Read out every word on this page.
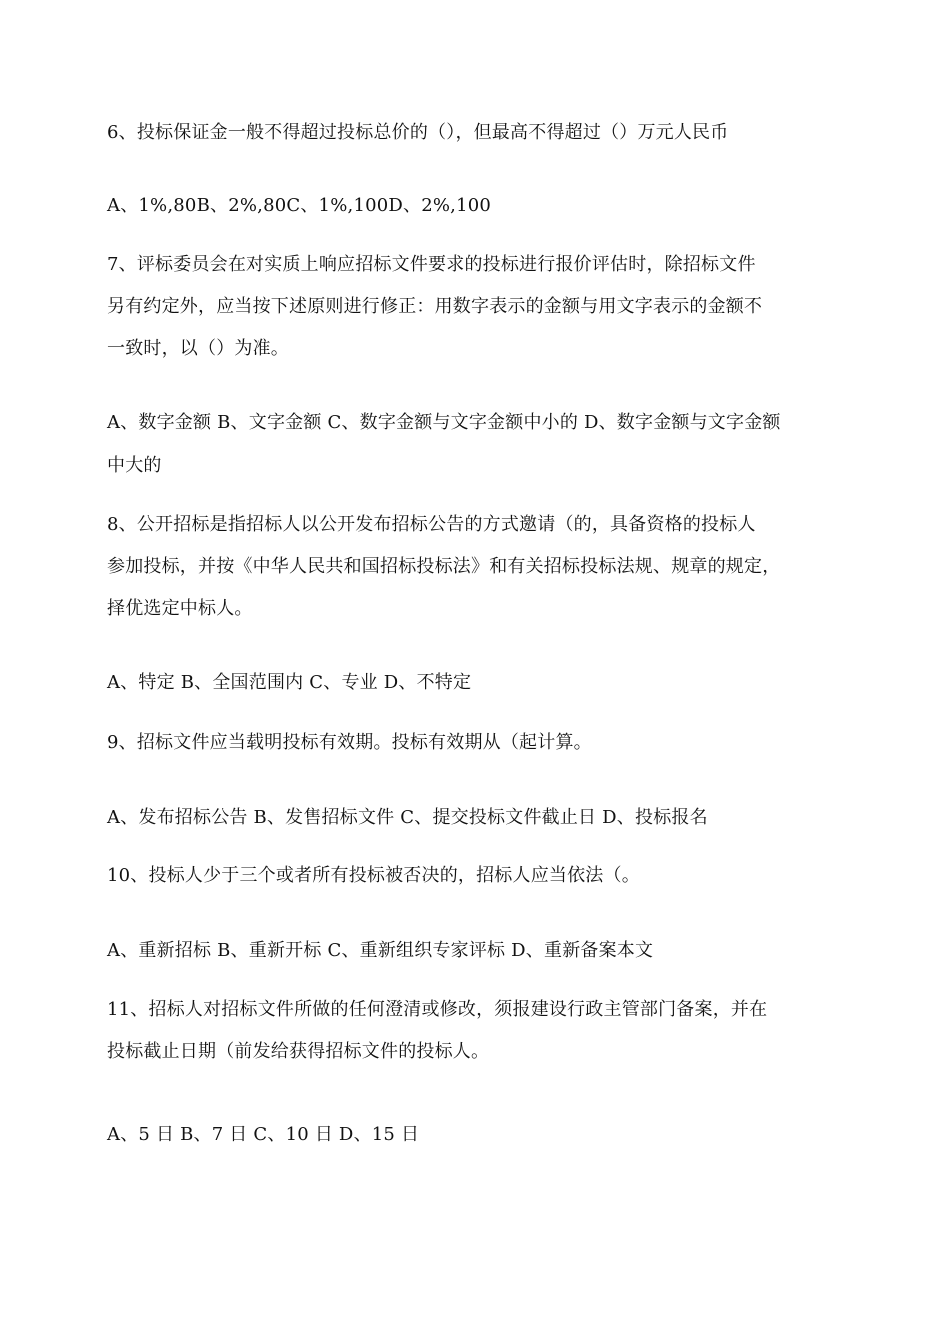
6、投标保证金一般不得超过投标总价的（），但最高不得超过（）万元人民币
A、1%,80B、2%,80C、1%,100D、2%,100
7、评标委员会在对实质上响应招标文件要求的投标进行报价评估时，除招标文件
另有约定外，应当按下述原则进行修正：用数字表示的金额与用文字表示的金额不
一致时，以（）为准。
A、数字金额 B、文字金额 C、数字金额与文字金额中小的 D、数字金额与文字金额
中大的
8、公开招标是指招标人以公开发布招标公告的方式邀请（的，具备资格的投标人
参加投标，并按《中华人民共和国招标投标法》和有关招标投标法规、规章的规定，
择优选定中标人。
A、特定 B、全国范围内 C、专业 D、不特定
9、招标文件应当载明投标有效期。投标有效期从（起计算。
A、发布招标公告 B、发售招标文件 C、提交投标文件截止日 D、投标报名
10、投标人少于三个或者所有投标被否决的，招标人应当依法（。
A、重新招标 B、重新开标 C、重新组织专家评标 D、重新备案本文
11、招标人对招标文件所做的任何澄清或修改，须报建设行政主管部门备案，并在
投标截止日期（前发给获得招标文件的投标人。
A、5 日 B、7 日 C、10 日 D、15 日
